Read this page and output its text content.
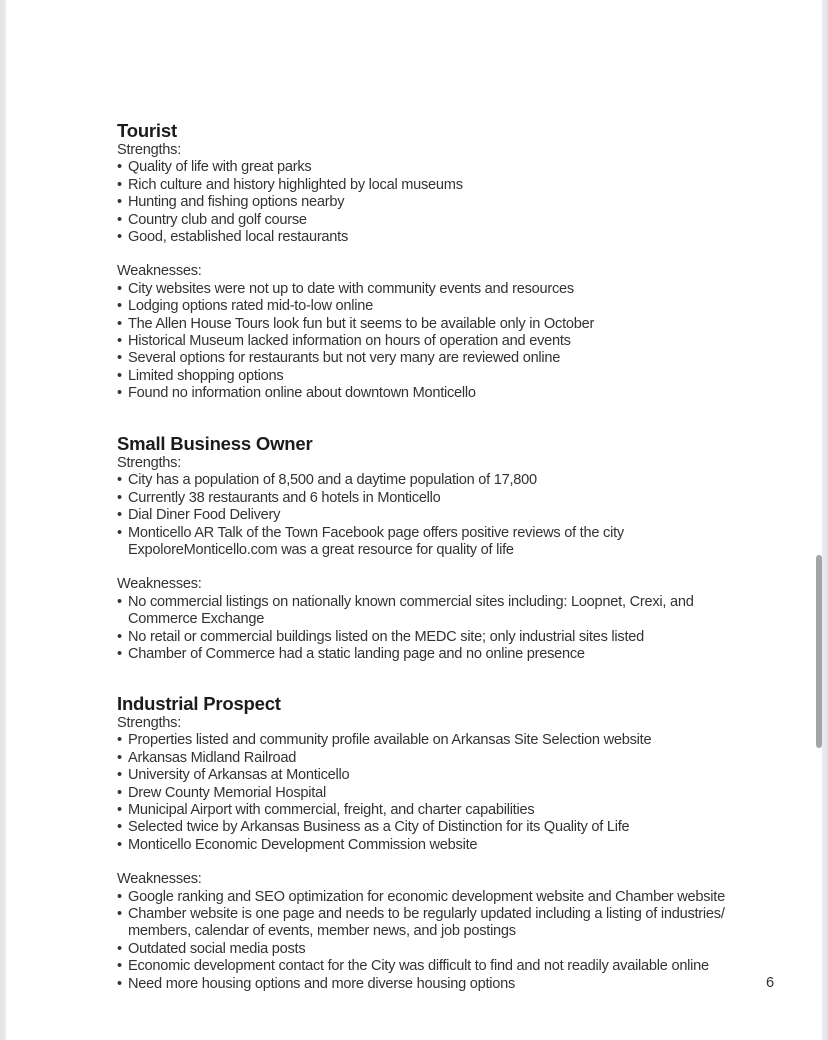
Tourist
Strengths:
• Quality of life with great parks
• Rich culture and history highlighted by local museums
• Hunting and fishing options nearby
• Country club and golf course
• Good, established local restaurants
Weaknesses:
• City websites were not up to date with community events and resources
• Lodging options rated mid-to-low online
• The Allen House Tours look fun but it seems to be available only in October
• Historical Museum lacked information on hours of operation and events
• Several options for restaurants but not very many are reviewed online
• Limited shopping options
• Found no information online about downtown Monticello
Small Business Owner
Strengths:
• City has a population of 8,500 and a daytime population of 17,800
• Currently 38 restaurants and 6 hotels in Monticello
• Dial Diner Food Delivery
• Monticello AR Talk of the Town Facebook page offers positive reviews of the city ExpoloreMonticello.com was a great resource for quality of life
Weaknesses:
• No commercial listings on nationally known commercial sites including: Loopnet, Crexi, and Commerce Exchange
• No retail or commercial buildings listed on the MEDC site; only industrial sites listed
• Chamber of Commerce had a static landing page and no online presence
Industrial Prospect
Strengths:
• Properties listed and community profile available on Arkansas Site Selection website
• Arkansas Midland Railroad
• University of Arkansas at Monticello
• Drew County Memorial Hospital
• Municipal Airport with commercial, freight, and charter capabilities
• Selected twice by Arkansas Business as a City of Distinction for its Quality of Life
• Monticello Economic Development Commission website
Weaknesses:
• Google ranking and SEO optimization for economic development website and Chamber website
• Chamber website is one page and needs to be regularly updated including a listing of industries/ members, calendar of events, member news, and job postings
• Outdated social media posts
• Economic development contact for the City was difficult to find and not readily available online
• Need more housing options and more diverse housing options	6
